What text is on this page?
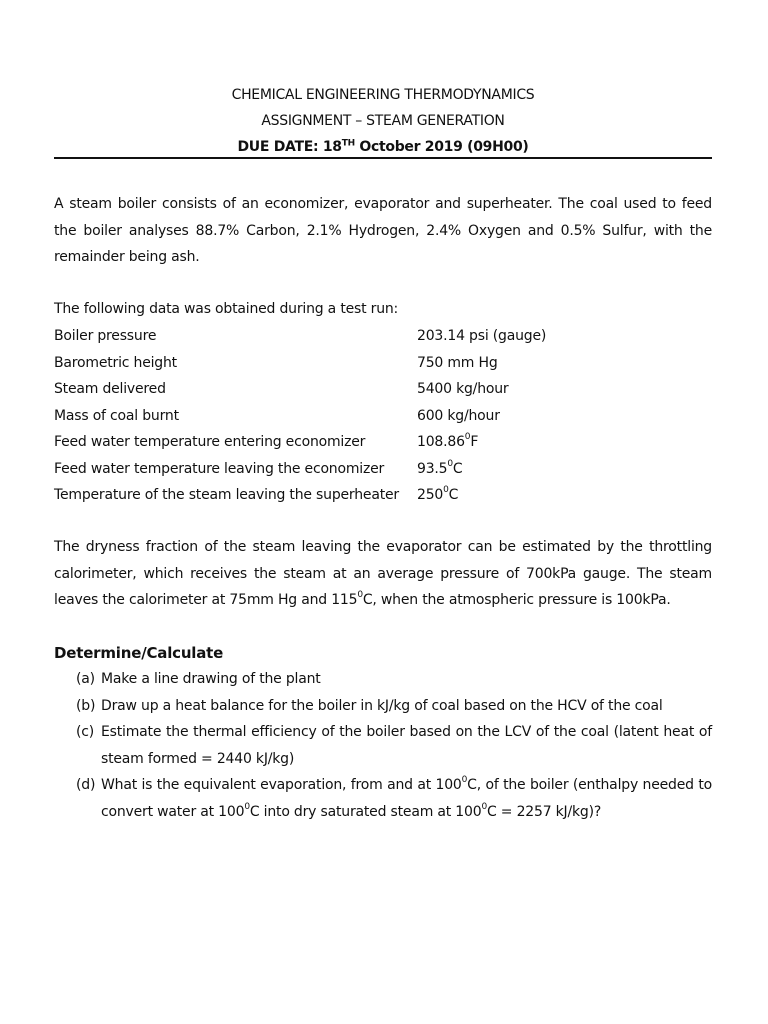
CHEMICAL ENGINEERING THERMODYNAMICS
ASSIGNMENT – STEAM GENERATION
DUE DATE: 18TH October 2019 (09H00)
A steam boiler consists of an economizer, evaporator and superheater. The coal used to feed the boiler analyses 88.7% Carbon, 2.1% Hydrogen, 2.4% Oxygen and 0.5% Sulfur, with the remainder being ash.
The following data was obtained during a test run:
Boiler pressure	203.14 psi (gauge)
Barometric height	750 mm Hg
Steam delivered	5400 kg/hour
Mass of coal burnt	600 kg/hour
Feed water temperature entering economizer	108.86$^0$F
Feed water temperature leaving the economizer	93.5$^0$C
Temperature of the steam leaving the superheater	$250^0C$
The dryness fraction of the steam leaving the evaporator can be estimated by the throttling calorimeter, which receives the steam at an average pressure of 700kPa gauge. The steam leaves the calorimeter at 75mm Hg and $115^0C$, when the atmospheric pressure is 100kPa.
Determine/Calculate
(a) Make a line drawing of the plant
(b) Draw up a heat balance for the boiler in kJ/kg of coal based on the HCV of the coal
(c) Estimate the thermal efficiency of the boiler based on the LCV of the coal (latent heat of steam formed = 2440 kJ/kg)
(d) What is the equivalent evaporation, from and at $100^0C$, of the boiler (enthalpy needed to convert water at $100^0C$ into dry saturated steam at $100^0C = 2257$ kJ/kg)?
